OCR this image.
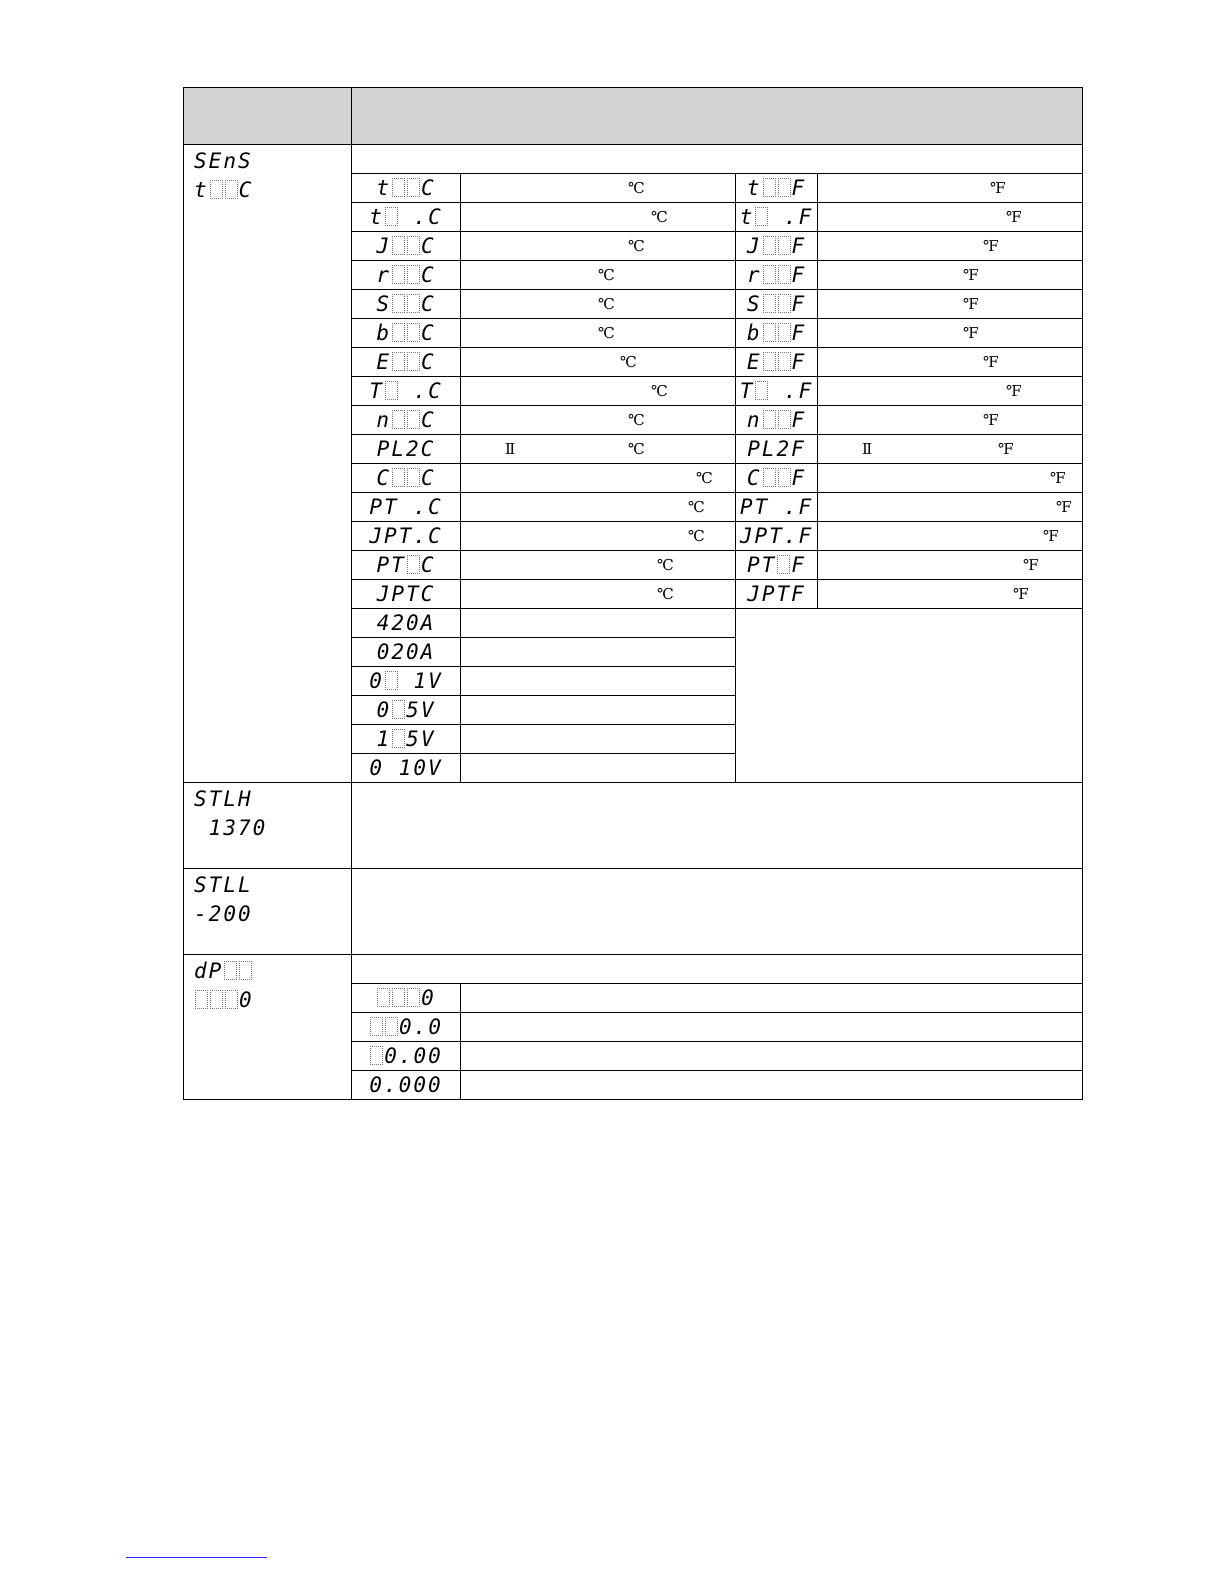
SEnS
t C				

	t C	℃	t F	℉

	t .C	℃	t .F	℉

	J C	℃	J F	℉

	r C	℃	r F	℉

	S C	℃	S F	℉

	b C	℃	b F	℉

	E C	℃	E F	℉

	T .C	℃	T .F	℉

	n C	℃	n F	℉

	PL2C	Ⅱ ℃	PL2F	Ⅱ ℉

	C C	℃	C F	℉

	PT .C	℃	PT .F	℉

	JPT.C	℃	JPT.F	℉

	PT C	℃	PT F	℉

	JPTC	℃	JPTF	℉

	420A			
	020A			
	0 1V			
	0 5V			
	1 5V			
	0 10V			

STLH
1370				

STLL
-200				

dP
0				

	0			
	0.0			
	0.00			
	0.000			
